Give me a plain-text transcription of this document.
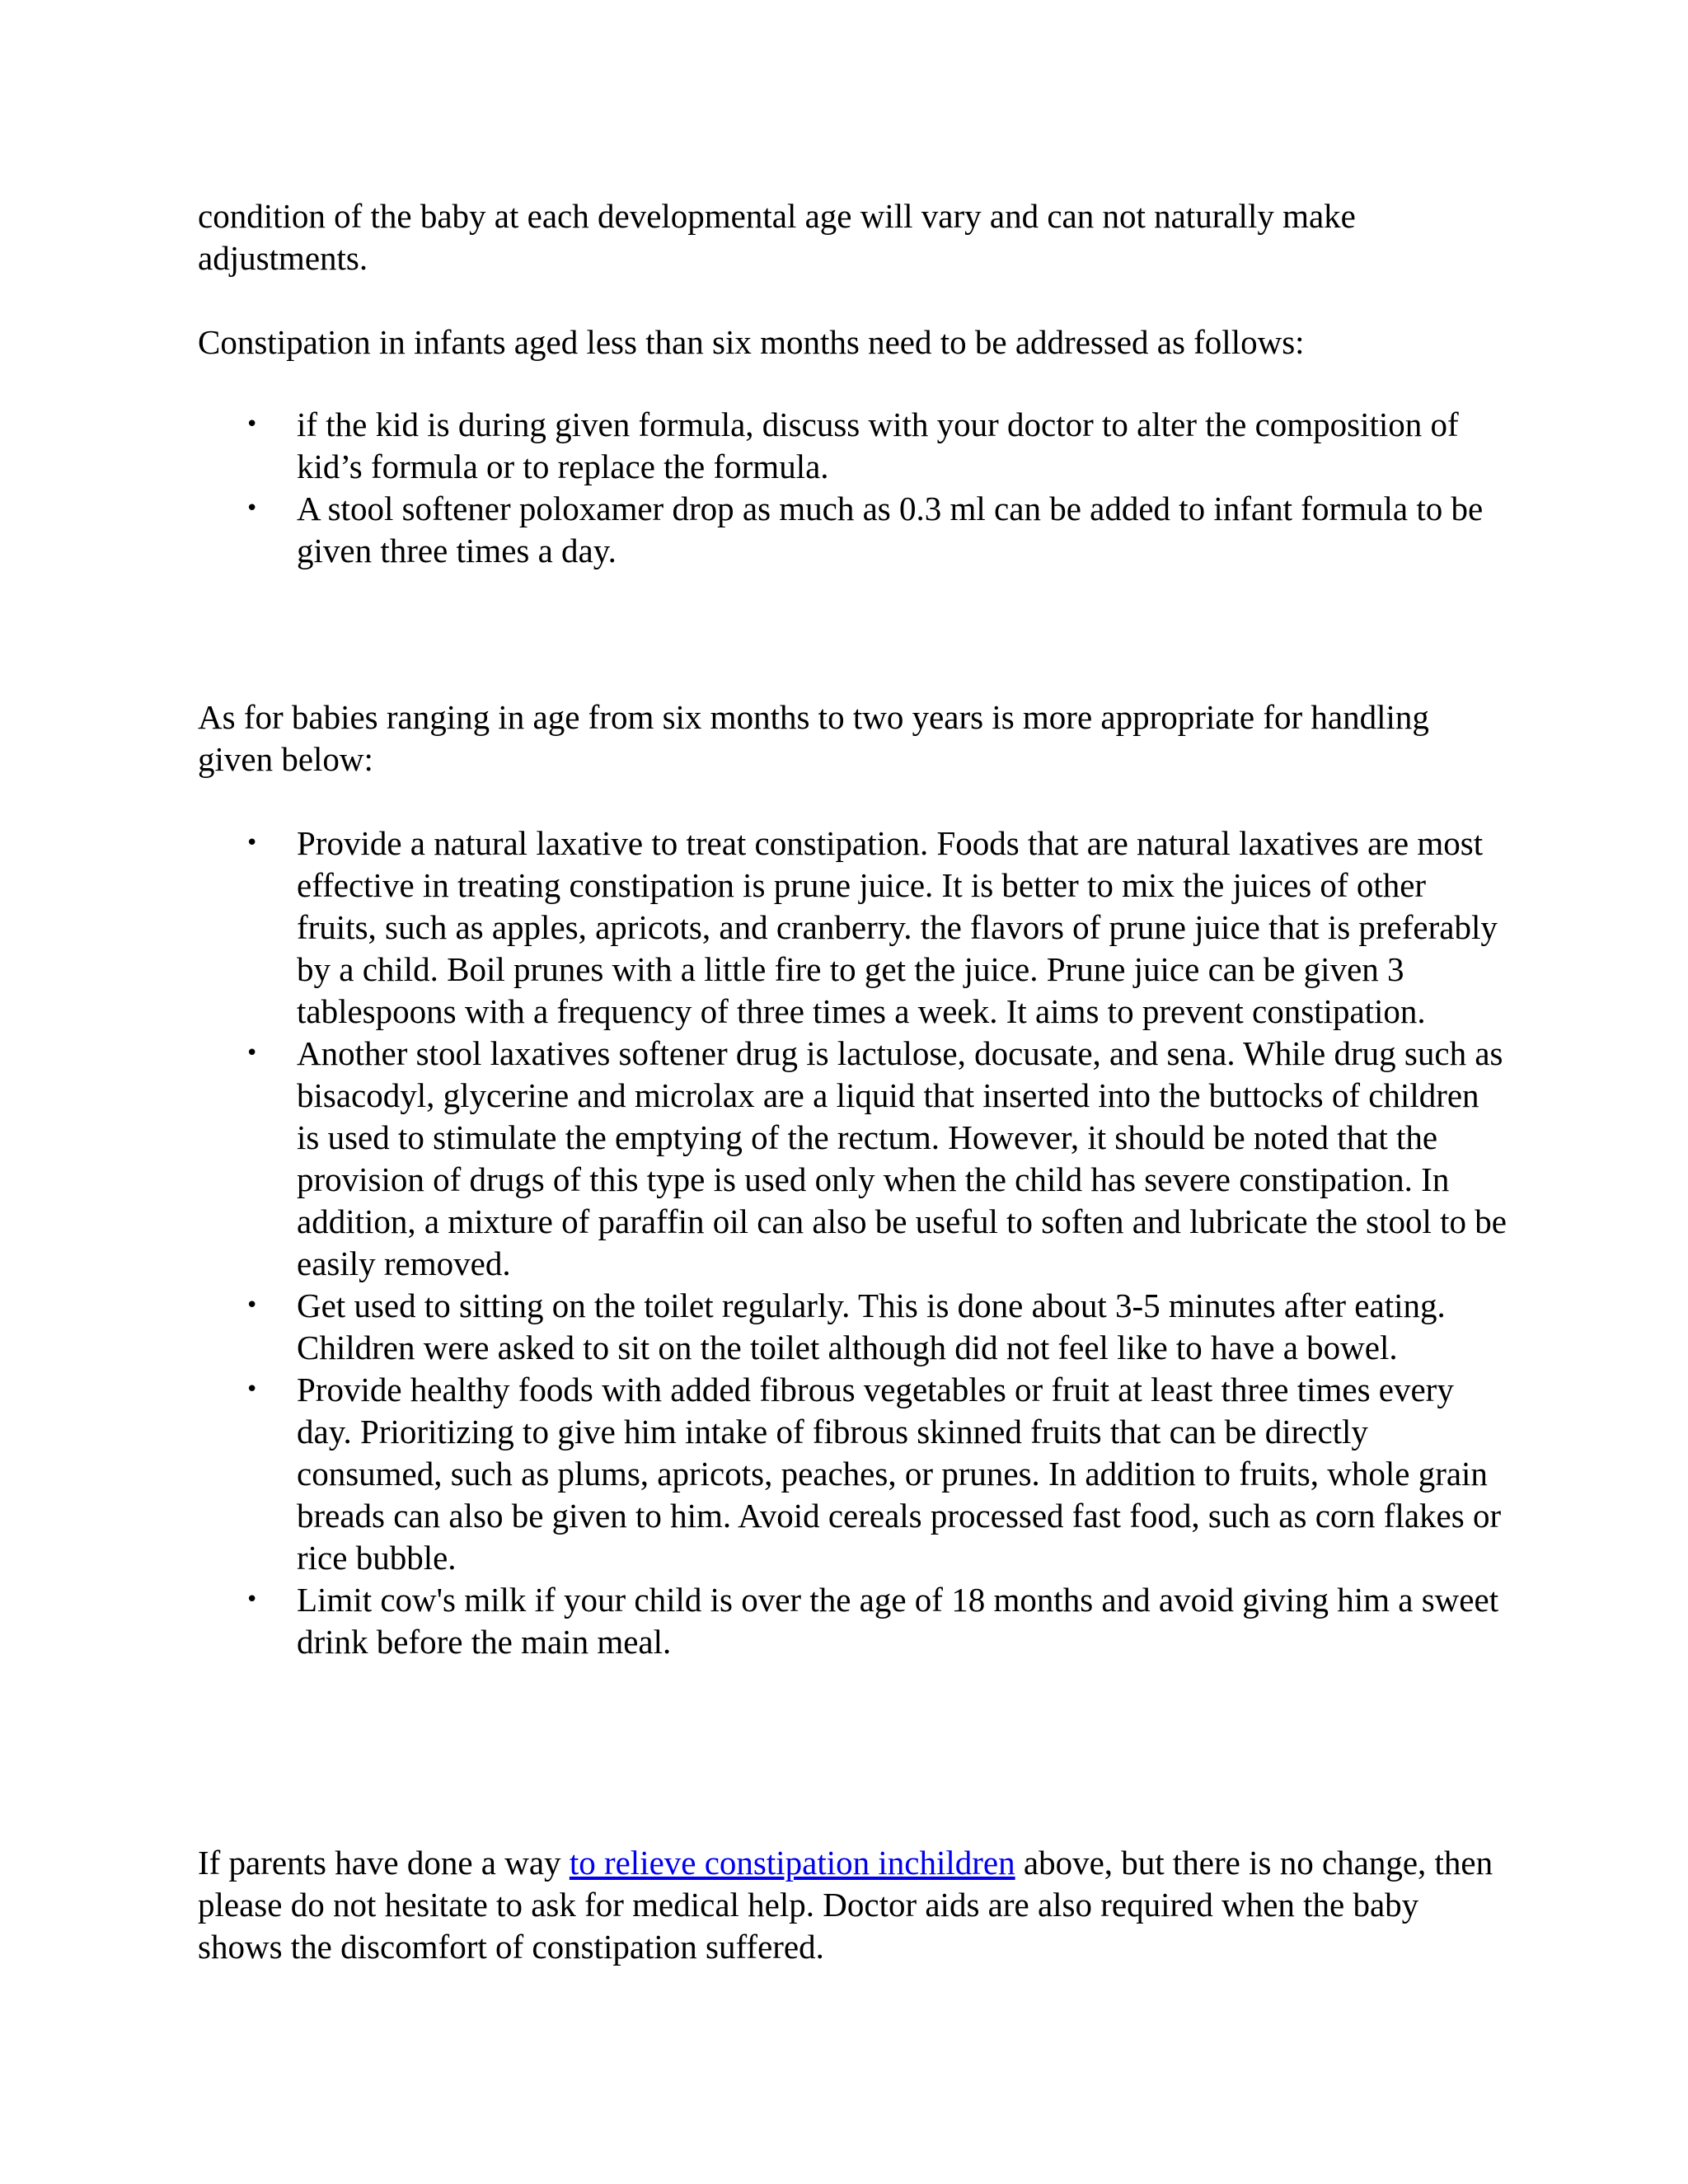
condition of the baby at each developmental age will vary and can not naturally make adjustments.

Constipation in infants aged less than six months need to be addressed as follows:

• if the kid is during given formula, discuss with your doctor to alter the composition of kid’s formula or to replace the formula.
• A stool softener poloxamer drop as much as 0.3 ml can be added to infant formula to be given three times a day.

As for babies ranging in age from six months to two years is more appropriate for handling given below:

• Provide a natural laxative to treat constipation. Foods that are natural laxatives are most effective in treating constipation is prune juice. It is better to mix the juices of other fruits, such as apples, apricots, and cranberry. the flavors of prune juice that is preferably by a child. Boil prunes with a little fire to get the juice. Prune juice can be given 3 tablespoons with a frequency of three times a week. It aims to prevent constipation.
• Another stool laxatives softener drug is lactulose, docusate, and sena. While drug such as bisacodyl, glycerine and microlax are a liquid that inserted into the buttocks of children is used to stimulate the emptying of the rectum. However, it should be noted that the provision of drugs of this type is used only when the child has severe constipation. In addition, a mixture of paraffin oil can also be useful to soften and lubricate the stool to be easily removed.
• Get used to sitting on the toilet regularly. This is done about 3-5 minutes after eating. Children were asked to sit on the toilet although did not feel like to have a bowel.
• Provide healthy foods with added fibrous vegetables or fruit at least three times every day. Prioritizing to give him intake of fibrous skinned fruits that can be directly consumed, such as plums, apricots, peaches, or prunes. In addition to fruits, whole grain breads can also be given to him. Avoid cereals processed fast food, such as corn flakes or rice bubble.
• Limit cow's milk if your child is over the age of 18 months and avoid giving him a sweet drink before the main meal.

If parents have done a way to relieve constipation inchildren above, but there is no change, then please do not hesitate to ask for medical help. Doctor aids are also required when the baby shows the discomfort of constipation suffered.
